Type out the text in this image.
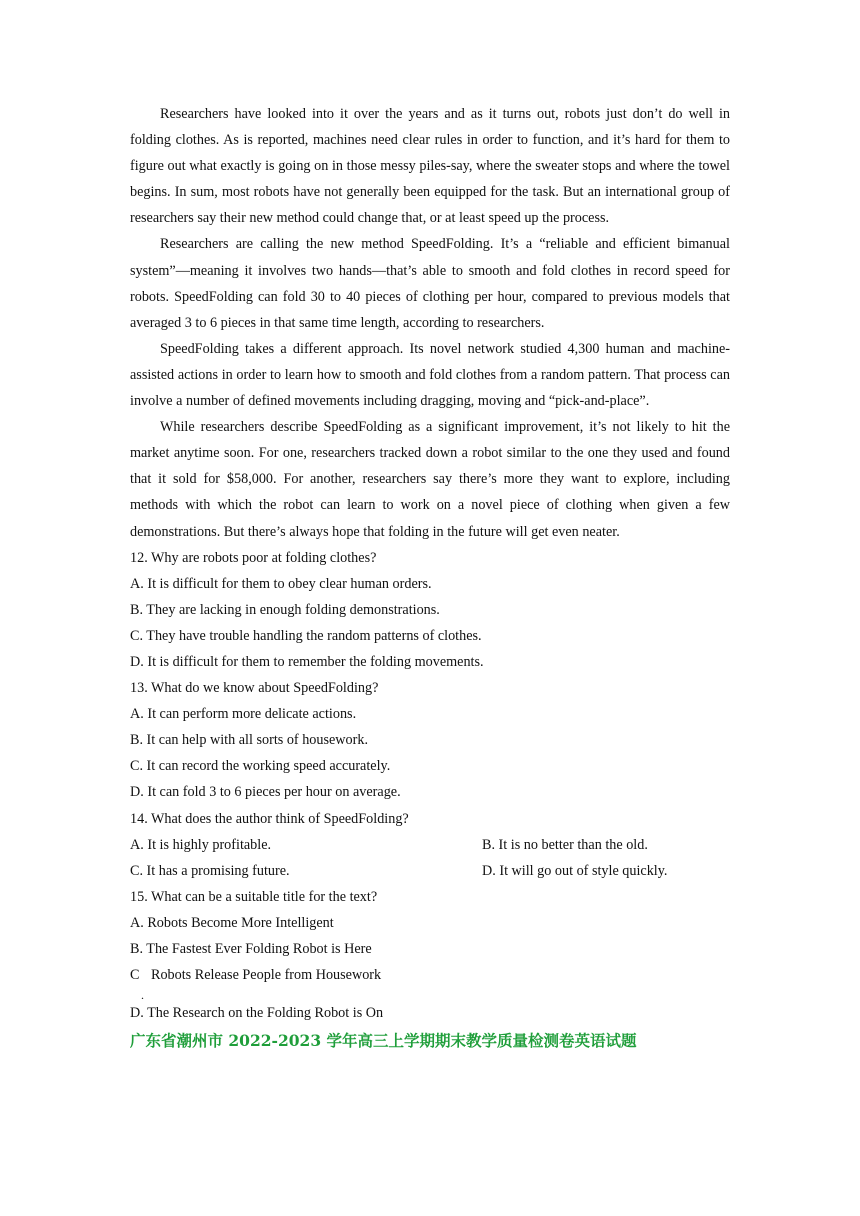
Researchers have looked into it over the years and as it turns out, robots just don’t do well in folding clothes. As is reported, machines need clear rules in order to function, and it’s hard for them to figure out what exactly is going on in those messy piles-say, where the sweater stops and where the towel begins. In sum, most robots have not generally been equipped for the task. But an international group of researchers say their new method could change that, or at least speed up the process.

Researchers are calling the new method SpeedFolding. It’s a “reliable and efficient bimanual system”—meaning it involves two hands—that’s able to smooth and fold clothes in record speed for robots. SpeedFolding can fold 30 to 40 pieces of clothing per hour, compared to previous models that averaged 3 to 6 pieces in that same time length, according to researchers.

SpeedFolding takes a different approach. Its novel network studied 4,300 human and machine-assisted actions in order to learn how to smooth and fold clothes from a random pattern. That process can involve a number of defined movements including dragging, moving and “pick-and-place”.

While researchers describe SpeedFolding as a significant improvement, it’s not likely to hit the market anytime soon. For one, researchers tracked down a robot similar to the one they used and found that it sold for $58,000. For another, researchers say there’s more they want to explore, including methods with which the robot can learn to work on a novel piece of clothing when given a few demonstrations. But there’s always hope that folding in the future will get even neater.

12. Why are robots poor at folding clothes?

A. It is difficult for them to obey clear human orders.

B. They are lacking in enough folding demonstrations.

C. They have trouble handling the random patterns of clothes.

D. It is difficult for them to remember the folding movements.

13. What do we know about SpeedFolding?

A. It can perform more delicate actions.

B. It can help with all sorts of housework.

C. It can record the working speed accurately.

D. It can fold 3 to 6 pieces per hour on average.

14. What does the author think of SpeedFolding?

A. It is highly profitable.	B. It is no better than the old.
C. It has a promising future.	D. It will go out of style quickly.

15. What can be a suitable title for the text?

A. Robots Become More Intelligent

B. The Fastest Ever Folding Robot is Here

C
.
Robots Release People from Housework

D. The Research on the Folding Robot is On

广东省潮州市 2022-2023 学年高三上学期期末教学质量检测卷英语试题
